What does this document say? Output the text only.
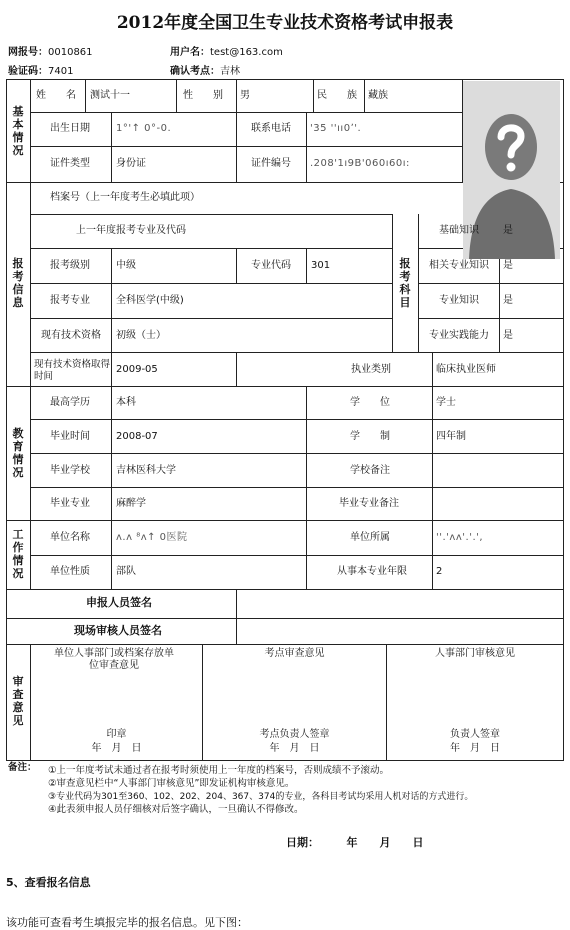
2012年度全国卫生专业技术资格考试申报表
网报号：0010861	用户名：test@163.com
验证码：7401	确认考点：吉林
基本情况
报考信息
报考科目
教育情况
工作情况
审查意见
姓　　名 测试十一	性　　别 男	民　　族 藏族
出生日期	1°'↑ 0°-0.	联系电话 '35 ''ıı0ʼ'.
证件类型	身份证	证件编号 .208'1ı9B'060ı60ı:
档案号（上一年度考生必填此项）
上一年度报考专业及代码
报考级别	中级	专业代码 301
报考专业	全科医学(中级)
现有技术资格 初级（士）
现有技术资格取得时间
2009-05	执业类别	临床执业医师
基础知识	是
相关专业知识	是
专业知识	是
专业实践能力	是
最高学历	本科	学　　位	学士
毕业时间	2008-07	学　　制	四年制
毕业学校	吉林医科大学	学校备注
毕业专业	麻醉学	毕业专业备注
单位名称	ʌ.ʌ ⁸ᴧ↑ 0医院	单位所属	''.'ʌʌ'.'.',
单位性质	部队	从事本专业年限	2
申报人员签名
现场审核人员签名
单位人事部门或档案存放单位审查意见
考点审查意见	人事部门审核意见
印章
年　月　日
考点负责人签章
年　月　日
负责人签章
年　月　日
备注： ①上一年度考试未通过者在报考时须使用上一年度的档案号，否则成绩不予滚动。
②审查意见栏中“人事部门审核意见”即发证机构审核意见。
③专业代码为301至360、102、202、204、367、374的专业，各科目考试均采用人机对话的方式进行。
④此表须申报人员仔细核对后签字确认，一旦确认不得修改。
日期：　　　年　　月　　日
5、查看报名信息
该功能可查看考生填报完毕的报名信息。见下图：
